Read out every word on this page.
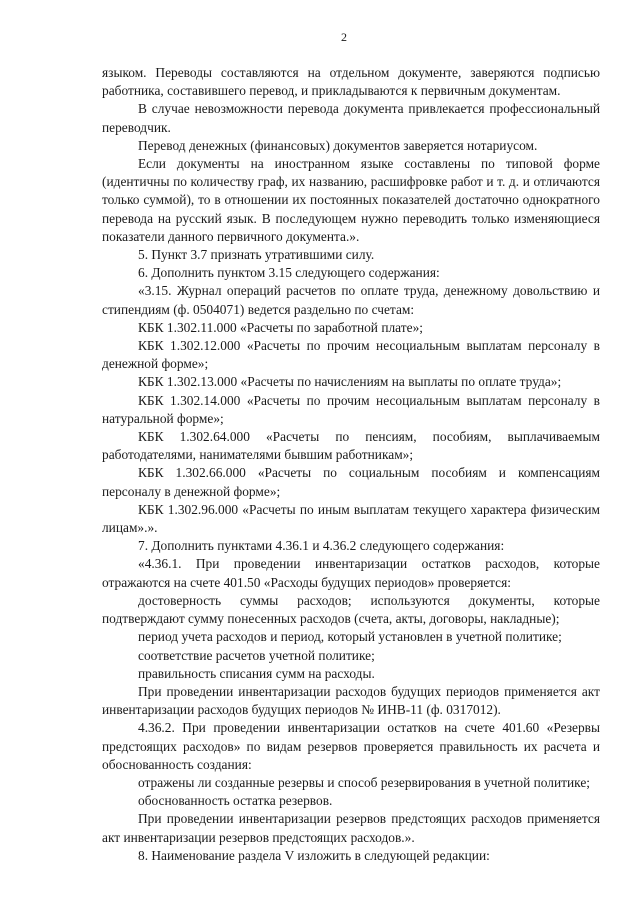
2

языком. Переводы составляются на отдельном документе, заверяются подписью работника, составившего перевод, и прикладываются к первичным документам.

В случае невозможности перевода документа привлекается профессиональный переводчик.

Перевод денежных (финансовых) документов заверяется нотариусом.

Если документы на иностранном языке составлены по типовой форме (идентичны по количеству граф, их названию, расшифровке работ и т. д. и отличаются только суммой), то в отношении их постоянных показателей достаточно однократного перевода на русский язык. В последующем нужно переводить только изменяющиеся показатели данного первичного документа.».

5. Пункт 3.7 признать утратившими силу.

6. Дополнить пунктом 3.15 следующего содержания:

«3.15. Журнал операций расчетов по оплате труда, денежному довольствию и стипендиям (ф. 0504071) ведется раздельно по счетам:

КБК 1.302.11.000 «Расчеты по заработной плате»;

КБК 1.302.12.000 «Расчеты по прочим несоциальным выплатам персоналу в денежной форме»;

КБК 1.302.13.000 «Расчеты по начислениям на выплаты по оплате труда»;

КБК 1.302.14.000 «Расчеты по прочим несоциальным выплатам персоналу в натуральной форме»;

КБК 1.302.64.000 «Расчеты по пенсиям, пособиям, выплачиваемым работодателями, нанимателями бывшим работникам»;

КБК 1.302.66.000 «Расчеты по социальным пособиям и компенсациям персоналу в денежной форме»;

КБК 1.302.96.000 «Расчеты по иным выплатам текущего характера физическим лицам».».

7. Дополнить пунктами 4.36.1 и 4.36.2 следующего содержания:

«4.36.1. При проведении инвентаризации остатков расходов, которые отражаются на счете 401.50 «Расходы будущих периодов» проверяется:

достоверность суммы расходов; используются документы, которые подтверждают сумму понесенных расходов (счета, акты, договоры, накладные);

период учета расходов и период, который установлен в учетной политике;

соответствие расчетов учетной политике;

правильность списания сумм на расходы.

При проведении инвентаризации расходов будущих периодов применяется акт инвентаризации расходов будущих периодов № ИНВ-11 (ф. 0317012).

4.36.2. При проведении инвентаризации остатков на счете 401.60 «Резервы предстоящих расходов» по видам резервов проверяется правильность их расчета и обоснованность создания:

отражены ли созданные резервы и способ резервирования в учетной политике;

обоснованность остатка резервов.

При проведении инвентаризации резервов предстоящих расходов применяется акт инвентаризации резервов предстоящих расходов.».

8. Наименование раздела V изложить в следующей редакции:
